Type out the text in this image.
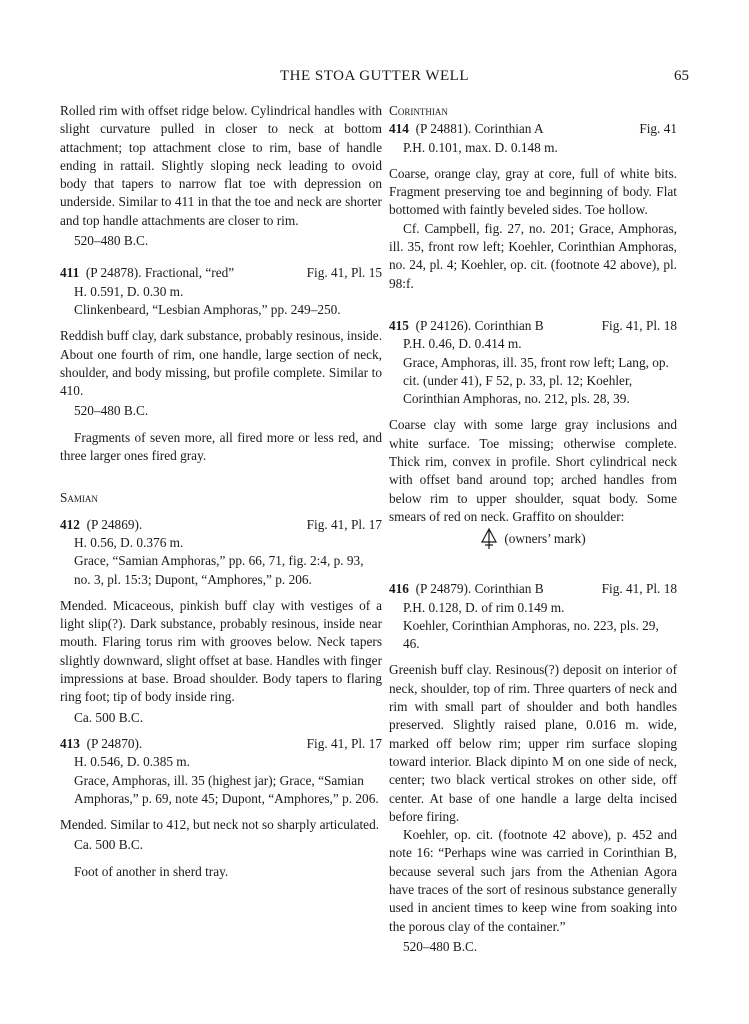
THE STOA GUTTER WELL	65

Rolled rim with offset ridge below. Cylindrical handles with slight curvature pulled in closer to neck at bottom attachment; top attachment close to rim, base of handle ending in rattail. Slightly sloping neck leading to ovoid body that tapers to narrow flat toe with depression on underside. Similar to 411 in that the toe and neck are shorter and top handle attachments are closer to rim.

520–480 B.C.

411 (P 24878). Fractional, “red”	Fig. 41, Pl. 15

H. 0.591, D. 0.30 m.

Clinkenbeard, “Lesbian Amphoras,” pp. 249–250.

Reddish buff clay, dark substance, probably resinous, inside. About one fourth of rim, one handle, large section of neck, shoulder, and body missing, but profile complete. Similar to 410.

520–480 B.C.

Fragments of seven more, all fired more or less red, and three larger ones fired gray.

Samian

412 (P 24869).	Fig. 41, Pl. 17

H. 0.56, D. 0.376 m.

Grace, “Samian Amphoras,” pp. 66, 71, fig. 2:4, p. 93, no. 3, pl. 15:3; Dupont, “Amphores,” p. 206.

Mended. Micaceous, pinkish buff clay with vestiges of a light slip(?). Dark substance, probably resinous, inside near mouth. Flaring torus rim with grooves below. Neck tapers slightly downward, slight offset at base. Handles with finger impressions at base. Broad shoulder. Body tapers to flaring ring foot; tip of body inside ring.

Ca. 500 B.C.

413 (P 24870).	Fig. 41, Pl. 17

H. 0.546, D. 0.385 m.

Grace, Amphoras, ill. 35 (highest jar); Grace, “Samian Amphoras,” p. 69, note 45; Dupont, “Amphores,” p. 206.

Mended. Similar to 412, but neck not so sharply articulated.

Ca. 500 B.C.

Foot of another in sherd tray.

Corinthian

414 (P 24881). Corinthian A	Fig. 41

P.H. 0.101, max. D. 0.148 m.

Coarse, orange clay, gray at core, full of white bits. Fragment preserving toe and beginning of body. Flat bottomed with faintly beveled sides. Toe hollow.

Cf. Campbell, fig. 27, no. 201; Grace, Amphoras, ill. 35, front row left; Koehler, Corinthian Amphoras, no. 24, pl. 4; Koehler, op. cit. (footnote 42 above), pl. 98:f.

415 (P 24126). Corinthian B	Fig. 41, Pl. 18

P.H. 0.46, D. 0.414 m.

Grace, Amphoras, ill. 35, front row left; Lang, op. cit. (under 41), F 52, p. 33, pl. 12; Koehler, Corinthian Amphoras, no. 212, pls. 28, 39.

Coarse clay with some large gray inclusions and white surface. Toe missing; otherwise complete. Thick rim, convex in profile. Short cylindrical neck with offset band around top; arched handles from below rim to upper shoulder, squat body. Some smears of red on neck. Graffito on shoulder:

(owners’ mark)
416 (P 24879). Corinthian B	Fig. 41, Pl. 18

P.H. 0.128, D. of rim 0.149 m.

Koehler, Corinthian Amphoras, no. 223, pls. 29, 46.

Greenish buff clay. Resinous(?) deposit on interior of neck, shoulder, top of rim. Three quarters of neck and rim with small part of shoulder and both handles preserved. Slightly raised plane, 0.016 m. wide, marked off below rim; upper rim surface sloping toward interior. Black dipinto M on one side of neck, center; two black vertical strokes on other side, off center. At base of one handle a large delta incised before firing.

Koehler, op. cit. (footnote 42 above), p. 452 and note 16: “Perhaps wine was carried in Corinthian B, because several such jars from the Athenian Agora have traces of the sort of resinous substance generally used in ancient times to keep wine from soaking into the porous clay of the container.”

520–480 B.C.
